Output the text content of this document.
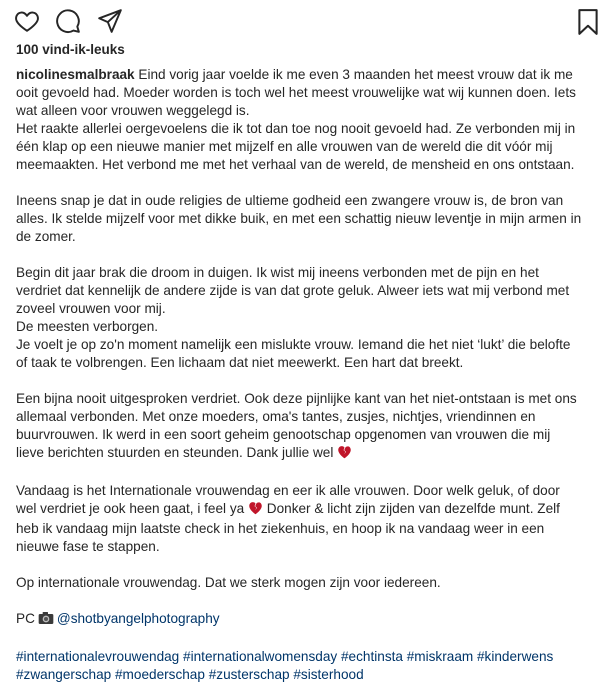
100 vind-ik-leuks

nicolinesmalbraak Eind vorig jaar voelde ik me even 3 maanden het meest vrouw dat ik me
ooit gevoeld had. Moeder worden is toch wel het meest vrouwelijke wat wij kunnen doen. Iets
wat alleen voor vrouwen weggelegd is.
Het raakte allerlei oergevoelens die ik tot dan toe nog nooit gevoeld had. Ze verbonden mij in
één klap op een nieuwe manier met mijzelf en alle vrouwen van de wereld die dit vóór mij
meemaakten. Het verbond me met het verhaal van de wereld, de mensheid en ons ontstaan.

Ineens snap je dat in oude religies de ultieme godheid een zwangere vrouw is, de bron van
alles. Ik stelde mijzelf voor met dikke buik, en met een schattig nieuw leventje in mijn armen in
de zomer.

Begin dit jaar brak die droom in duigen. Ik wist mij ineens verbonden met de pijn en het
verdriet dat kennelijk de andere zijde is van dat grote geluk. Alweer iets wat mij verbond met
zoveel vrouwen voor mij.
De meesten verborgen.
Je voelt je op zo'n moment namelijk een mislukte vrouw. Iemand die het niet ‘lukt’ die belofte
of taak te volbrengen. Een lichaam dat niet meewerkt. Een hart dat breekt.

Een bijna nooit uitgesproken verdriet. Ook deze pijnlijke kant van het niet-ontstaan is met ons
allemaal verbonden. Met onze moeders, oma's tantes, zusjes, nichtjes, vriendinnen en
buurvrouwen. Ik werd in een soort geheim genootschap opgenomen van vrouwen die mij
lieve berichten stuurden en steunden. Dank jullie wel

Vandaag is het Internationale vrouwendag en eer ik alle vrouwen. Door welk geluk, of door
wel verdriet je ook heen gaat, i feel ya  Donker & licht zijn zijden van dezelfde munt. Zelf
heb ik vandaag mijn laatste check in het ziekenhuis, en hoop ik na vandaag weer in een
nieuwe fase te stappen.

Op internationale vrouwendag. Dat we sterk mogen zijn voor iedereen.

PC @shotbyangelphotography

#internationalevrouwendag #internationalwomensday #echtinsta #miskraam #kinderwens
#zwangerschap #moederschap #zusterschap #sisterhood
